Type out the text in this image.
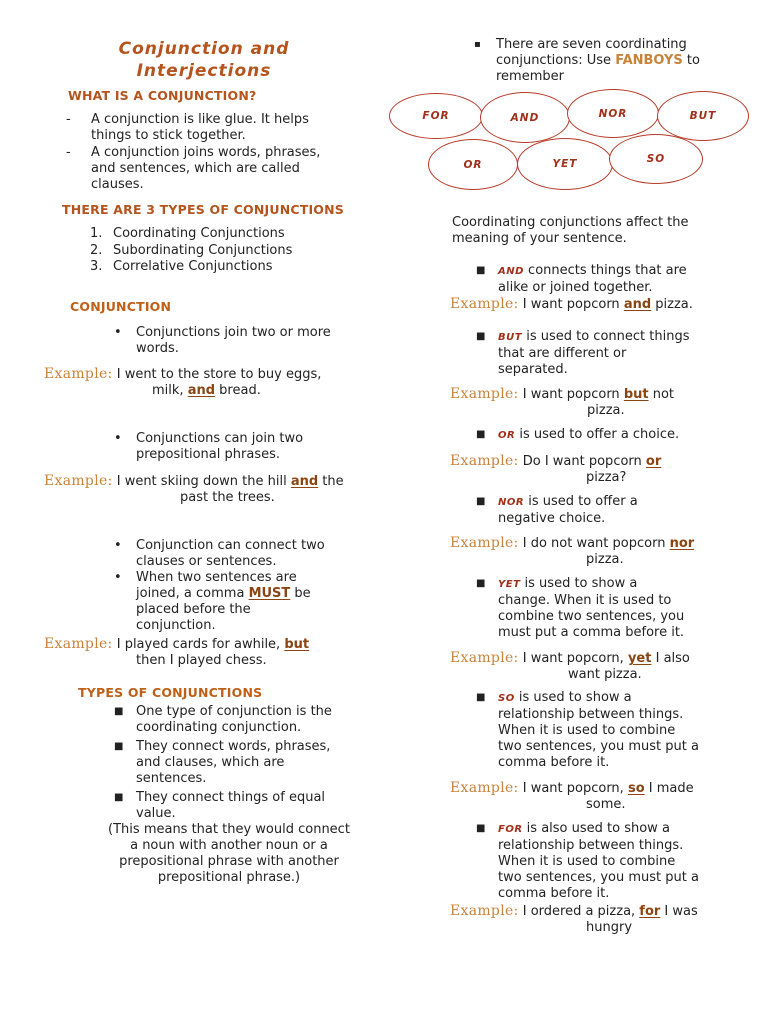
Conjunction and
Interjections
WHAT IS A CONJUNCTION?
- A conjunction is like glue. It helps
things to stick together.
- A conjunction joins words, phrases,
and sentences, which are called
clauses.
THERE ARE 3 TYPES OF CONJUNCTIONS
1. Coordinating Conjunctions
2. Subordinating Conjunctions
3. Correlative Conjunctions
CONJUNCTION
• Conjunctions join two or more
words.
Example: I went to the store to buy eggs,
milk, and bread.
• Conjunctions can join two
prepositional phrases.
Example: I went skiing down the hill and the
past the trees.
• Conjunction can connect two
clauses or sentences.
• When two sentences are
joined, a comma MUST be
placed before the
conjunction.
Example: I played cards for awhile, but
then I played chess.
TYPES OF CONJUNCTIONS
■ One type of conjunction is the
coordinating conjunction.
■ They connect words, phrases,
and clauses, which are
sentences.
■ They connect things of equal
value.
(This means that they would connect
a noun with another noun or a
prepositional phrase with another
prepositional phrase.)
▪ There are seven coordinating
conjunctions: Use FANBOYS to
remember
FOR	AND	NOR	BUT
OR	YET	SO
Coordinating conjunctions affect the
meaning of your sentence.
■ AND connects things that are
alike or joined together.
Example: I want popcorn and pizza.
■ BUT is used to connect things
that are different or
separated.
Example: I want popcorn but not
pizza.
■ OR is used to offer a choice.
Example: Do I want popcorn or
pizza?
■ NOR is used to offer a
negative choice.
Example: I do not want popcorn nor
pizza.
■ YET is used to show a
change. When it is used to
combine two sentences, you
must put a comma before it.
Example: I want popcorn, yet I also
want pizza.
■ SO is used to show a
relationship between things.
When it is used to combine
two sentences, you must put a
comma before it.
Example: I want popcorn, so I made
some.
■ FOR is also used to show a
relationship between things.
When it is used to combine
two sentences, you must put a
comma before it.
Example: I ordered a pizza, for I was
hungry
